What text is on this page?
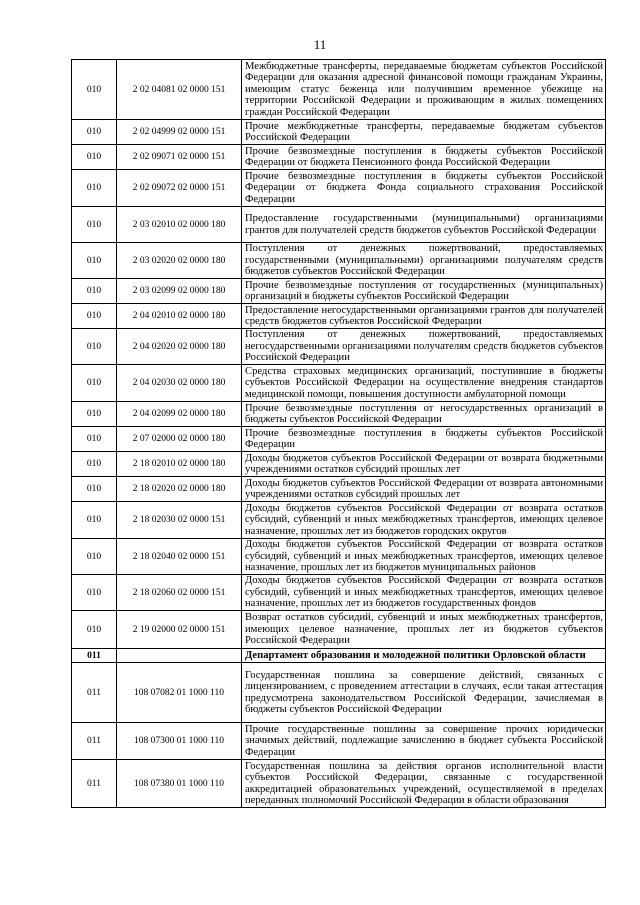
11
010	2 02 04081 02 0000 151	Межбюджетные трансферты, передаваемые бюджетам субъектов Российской Федерации для оказания адресной финансовой помощи гражданам Украины, имеющим статус беженца или получившим временное убежище на территории Российской Федерации и проживающим в жилых помещениях граждан Российской Федерации

010	2 02 04999 02 0000 151	Прочие межбюджетные трансферты, передаваемые бюджетам субъектов Российской Федерации

010	2 02 09071 02 0000 151	Прочие безвозмездные поступления в бюджеты субъектов Российской Федерации от бюджета Пенсионного фонда Российской Федерации

010	2 02 09072 02 0000 151	Прочие безвозмездные поступления в бюджеты субъектов Российской Федерации от бюджета Фонда социального страхования Российской Федерации

010	2 03 02010 02 0000 180	Предоставление государственными (муниципальными) организациями грантов для получателей средств бюджетов субъектов Российской Федерации

010	2 03 02020 02 0000 180	Поступления от денежных пожертвований, предоставляемых государственными (муниципальными) организациями получателям средств бюджетов субъектов Российской Федерации

010	2 03 02099 02 0000 180	Прочие безвозмездные поступления от государственных (муниципальных) организаций в бюджеты субъектов Российской Федерации

010	2 04 02010 02 0000 180	Предоставление негосударственными организациями грантов для получателей средств бюджетов субъектов Российской Федерации

010	2 04 02020 02 0000 180	Поступления от денежных пожертвований, предоставляемых негосударственными организациями получателям средств бюджетов субъектов Российской Федерации

010	2 04 02030 02 0000 180	Средства страховых медицинских организаций, поступившие в бюджеты субъектов Российской Федерации на осуществление внедрения стандартов медицинской помощи, повышения доступности амбулаторной помощи

010	2 04 02099 02 0000 180	Прочие безвозмездные поступления от негосударственных организаций в бюджеты субъектов Российской Федерации

010	2 07 02000 02 0000 180	Прочие безвозмездные поступления в бюджеты субъектов Российской Федерации

010	2 18 02010 02 0000 180	Доходы бюджетов субъектов Российской Федерации от возврата бюджетными учреждениями остатков субсидий прошлых лет

010	2 18 02020 02 0000 180	Доходы бюджетов субъектов Российской Федерации от возврата автономными учреждениями остатков субсидий прошлых лет

010	2 18 02030 02 0000 151	Доходы бюджетов субъектов Российской Федерации от возврата остатков субсидий, субвенций и иных межбюджетных трансфертов, имеющих целевое назначение, прошлых лет из бюджетов городских округов

010	2 18 02040 02 0000 151	Доходы бюджетов субъектов Российской Федерации от возврата остатков субсидий, субвенций и иных межбюджетных трансфертов, имеющих целевое назначение, прошлых лет из бюджетов муниципальных районов

010	2 18 02060 02 0000 151	Доходы бюджетов субъектов Российской Федерации от возврата остатков субсидий, субвенций и иных межбюджетных трансфертов, имеющих целевое назначение, прошлых лет из бюджетов государственных фондов

010	2 19 02000 02 0000 151	Возврат остатков субсидий, субвенций и иных межбюджетных трансфертов, имеющих целевое назначение, прошлых лет из бюджетов субъектов Российской Федерации

011		Департамент образования и молодежной политики Орловской области

011	108 07082 01 1000 110	Государственная пошлина за совершение действий, связанных с лицензированием, с проведением аттестации в случаях, если такая аттестация предусмотрена законодательством Российской Федерации, зачисляемая в бюджеты субъектов Российской Федерации

011	108 07300 01 1000 110	Прочие государственные пошлины за совершение прочих юридически значимых действий, подлежащие зачислению в бюджет субъекта Российской Федерации

011	108 07380 01 1000 110	Государственная пошлина за действия органов исполнительной власти субъектов Российской Федерации, связанные с государственной аккредитацией образовательных учреждений, осуществляемой в пределах переданных полномочий Российской Федерации в области образования
